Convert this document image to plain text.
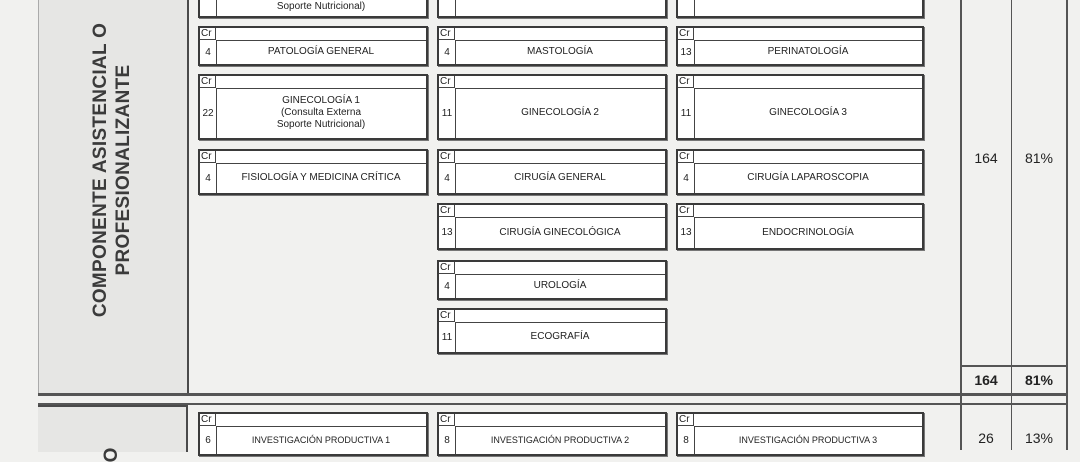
COMPONENTE ASISTENCIAL O PROFESIONALIZANTE
O
Soporte Nutricional)
Cr
4	PATOLOGÍA GENERAL
Cr
4	MASTOLOGÍA
Cr
13	PERINATOLOGÍA
Cr
22
GINECOLOGÍA 1
(Consulta Externa
Soporte Nutricional)
Cr
11	GINECOLOGÍA 2
Cr
11	GINECOLOGÍA 3
Cr
4	FISIOLOGÍA Y MEDICINA CRÍTICA
Cr
4	CIRUGÍA GENERAL
Cr
4	CIRUGÍA LAPAROSCOPIA
Cr
13	CIRUGÍA GINECOLÓGICA
Cr
13	ENDOCRINOLOGÍA
Cr
4	UROLOGÍA
Cr
11	ECOGRAFÍA
Cr
6	INVESTIGACIÓN PRODUCTIVA 1
Cr
8	INVESTIGACIÓN PRODUCTIVA 2
Cr
8	INVESTIGACIÓN PRODUCTIVA 3
164	81%
164	81%
26	13%
